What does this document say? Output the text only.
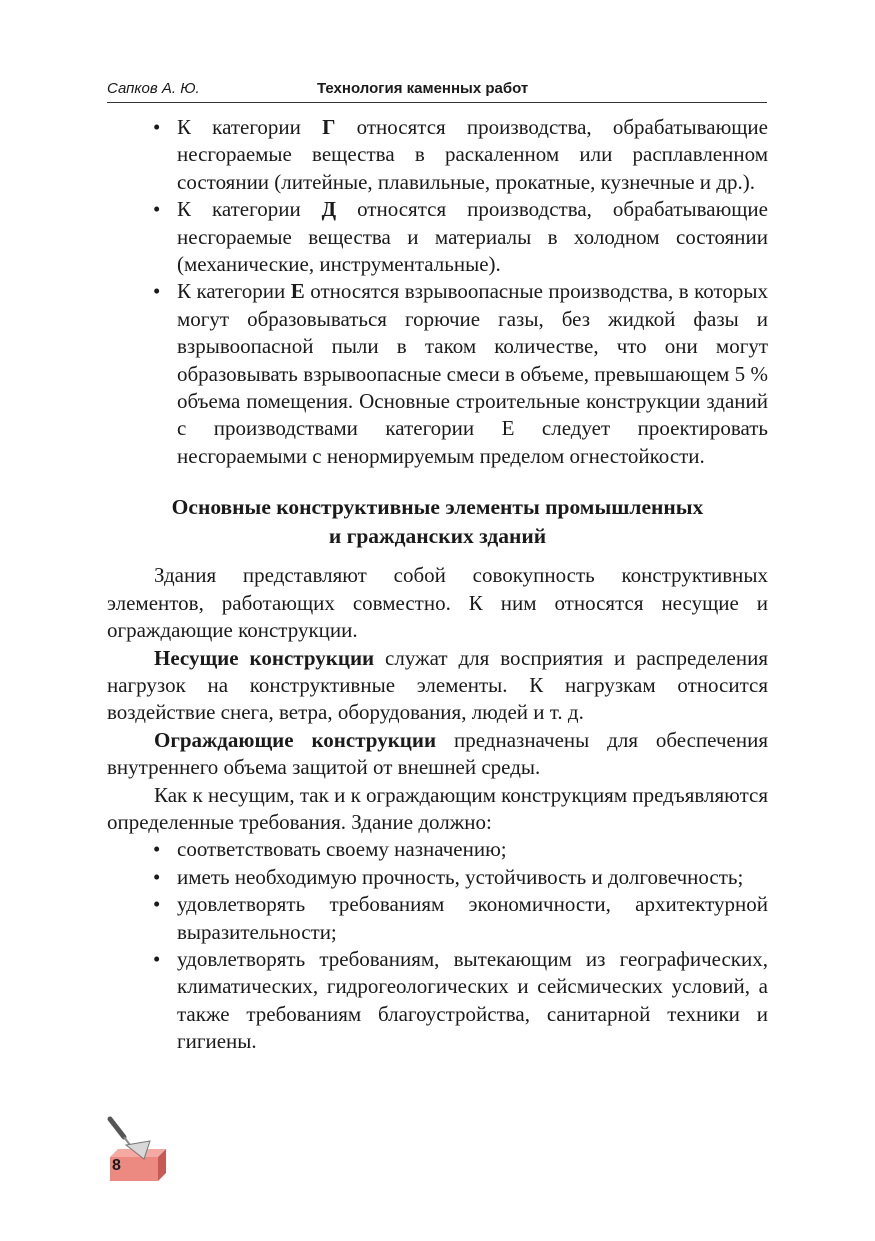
Сапков А. Ю.	Технология каменных работ
• К категории Г относятся производства, обрабатывающие несгораемые вещества в раскаленном или расплавленном состоянии (литейные, плавильные, прокатные, кузнечные и др.).
• К категории Д относятся производства, обрабатывающие несгораемые вещества и материалы в холодном состоянии (механические, инструментальные).
• К категории Е относятся взрывоопасные производства, в которых могут образовываться горючие газы, без жидкой фазы и взрывоопасной пыли в таком количестве, что они могут образовывать взрывоопасные смеси в объеме, превышающем 5 % объема помещения. Основные строительные конструкции зданий с производствами категории Е следует проектировать несгораемыми с ненормируемым пределом огнестойкости.
Основные конструктивные элементы промышленных
и гражданских зданий

Здания представляют собой совокупность конструктивных элементов, работающих совместно. К ним относятся несущие и ограждающие конструкции.

Несущие конструкции служат для восприятия и распределения нагрузок на конструктивные элементы. К нагрузкам относится воздействие снега, ветра, оборудования, людей и т. д.

Ограждающие конструкции предназначены для обеспечения внутреннего объема защитой от внешней среды.

Как к несущим, так и к ограждающим конструкциям предъявляются определенные требования. Здание должно:

• соответствовать своему назначению;
• иметь необходимую прочность, устойчивость и долговечность;
• удовлетворять требованиям экономичности, архитектурной выразительности;
• удовлетворять требованиям, вытекающим из географических, климатических, гидрогеологических и сейсмических условий, а также требованиям благоустройства, санитарной техники и гигиены.
8
